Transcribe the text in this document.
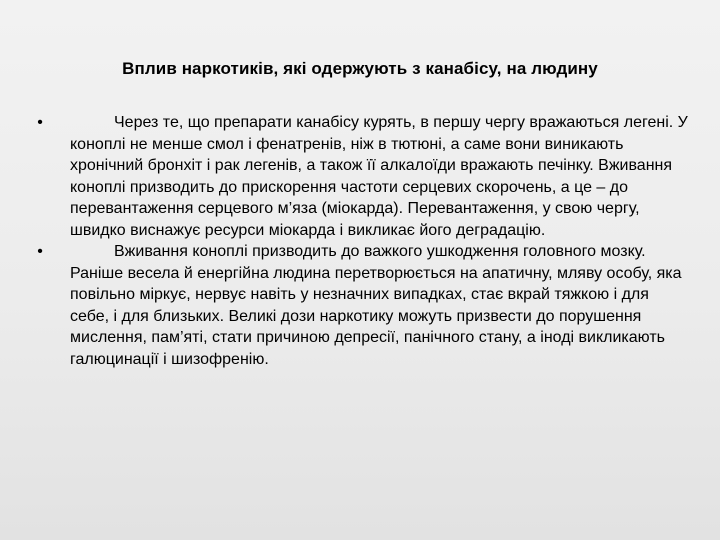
Вплив наркотиків, які одержують з канабісу, на людину
•	Через те, що препарати канабісу курять, в першу чергу вражаються легені. У коноплі не менше смол і фенатренів, ніж в тютюні, а саме вони виникають хронічний бронхіт і рак легенів, а також її алкалоїди вражають печінку. Вживання коноплі призводить до прискорення частоти серцевих скорочень, а це – до перевантаження серцевого м’яза (міокарда). Перевантаження, у свою чергу, швидко виснажує ресурси міокарда і викликає його деградацію.
•	Вживання коноплі призводить до важкого ушкодження головного мозку. Раніше весела й енергійна людина перетворюється на апатичну, мляву особу, яка повільно міркує, нервує навіть у незначних випадках, стає вкрай тяжкою і для себе, і для близьких. Великі дози наркотику можуть призвести до порушення мислення, пам’яті, стати причиною депресії, панічного стану, а іноді викликають галюцинації і шизофренію.
